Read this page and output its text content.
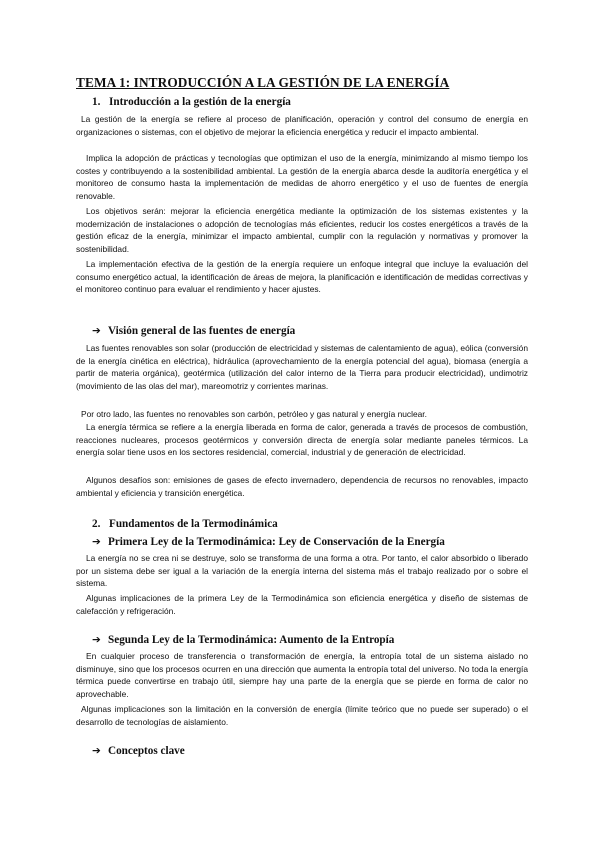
TEMA 1: INTRODUCCIÓN A LA GESTIÓN DE LA ENERGÍA
1. Introducción a la gestión de la energía

La gestión de la energía se refiere al proceso de planificación, operación y control del consumo de energía en organizaciones o sistemas, con el objetivo de mejorar la eficiencia energética y reducir el impacto ambiental.

Implica la adopción de prácticas y tecnologías que optimizan el uso de la energía, minimizando al mismo tiempo los costes y contribuyendo a la sostenibilidad ambiental. La gestión de la energía abarca desde la auditoría energética y el monitoreo de consumo hasta la implementación de medidas de ahorro energético y el uso de fuentes de energía renovable.

Los objetivos serán: mejorar la eficiencia energética mediante la optimización de los sistemas existentes y la modernización de instalaciones o adopción de tecnologías más eficientes, reducir los costes energéticos a través de la gestión eficaz de la energía, minimizar el impacto ambiental, cumplir con la regulación y normativas y promover la sostenibilidad.

La implementación efectiva de la gestión de la energía requiere un enfoque integral que incluye la evaluación del consumo energético actual, la identificación de áreas de mejora, la planificación e identificación de medidas correctivas y el monitoreo continuo para evaluar el rendimiento y hacer ajustes.

➔ Visión general de las fuentes de energía

Las fuentes renovables son solar (producción de electricidad y sistemas de calentamiento de agua), eólica (conversión de la energía cinética en eléctrica), hidráulica (aprovechamiento de la energía potencial del agua), biomasa (energía a partir de materia orgánica), geotérmica (utilización del calor interno de la Tierra para producir electricidad), undimotriz (movimiento de las olas del mar), mareomotriz y corrientes marinas.

Por otro lado, las fuentes no renovables son carbón, petróleo y gas natural y energía nuclear.

La energía térmica se refiere a la energía liberada en forma de calor, generada a través de procesos de combustión, reacciones nucleares, procesos geotérmicos y conversión directa de energía solar mediante paneles térmicos. La energía solar tiene usos en los sectores residencial, comercial, industrial y de generación de electricidad.

Algunos desafíos son: emisiones de gases de efecto invernadero, dependencia de recursos no renovables, impacto ambiental y eficiencia y transición energética.

2. Fundamentos de la Termodinámica
➔ Primera Ley de la Termodinámica: Ley de Conservación de la Energía

La energía no se crea ni se destruye, solo se transforma de una forma a otra. Por tanto, el calor absorbido o liberado por un sistema debe ser igual a la variación de la energía interna del sistema más el trabajo realizado por o sobre el sistema.

Algunas implicaciones de la primera Ley de la Termodinámica son eficiencia energética y diseño de sistemas de calefacción y refrigeración.

➔ Segunda Ley de la Termodinámica: Aumento de la Entropía

En cualquier proceso de transferencia o transformación de energía, la entropía total de un sistema aislado no disminuye, sino que los procesos ocurren en una dirección que aumenta la entropía total del universo. No toda la energía térmica puede convertirse en trabajo útil, siempre hay una parte de la energía que se pierde en forma de calor no aprovechable.

Algunas implicaciones son la limitación en la conversión de energía (límite teórico que no puede ser superado) o el desarrollo de tecnologías de aislamiento.

➔ Conceptos clave
